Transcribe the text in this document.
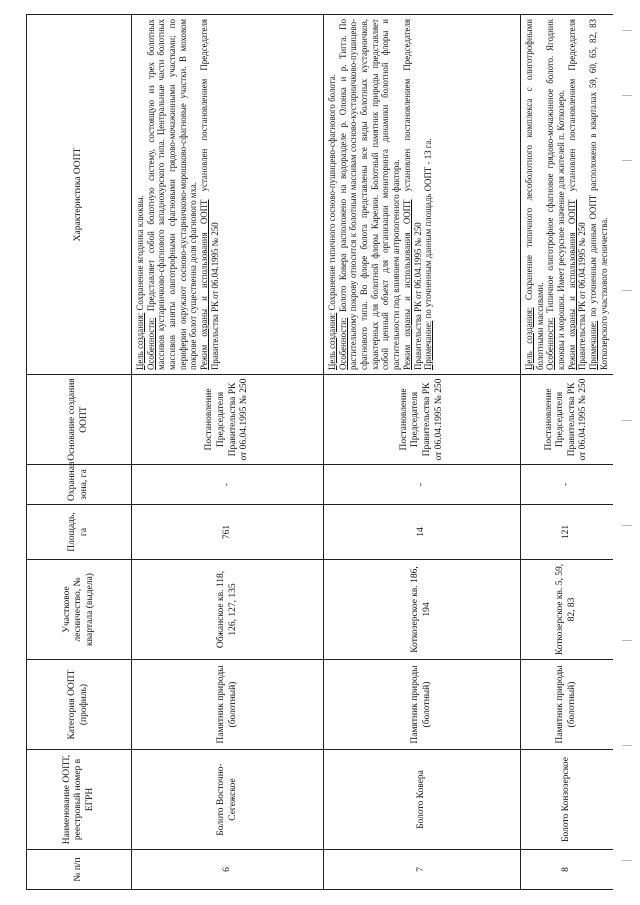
№ п/п	Наименование ООПТ, реестровый номер в ЕГРН	Категория ООПТ (профиль)	Участковое лесничество, № квартала (выдела)	Площадь, га	Охранная зона, га	Основание создания ООПТ	Характеристика ООПТ
6	Болото Восточно-Сегежское	Памятник природы (болотный)	Обжанское кв. 118, 126, 127, 135	761	-	Постановление Председателя Правительства РК от 06.04.1995 № 250	Цель создания: Сохранение ягодника клюквы.

Особенности: Представляет собой болотную систему, состоящую из трех болотных массивов кустарничково-сфагнового западнокурского типа. Центральные части болотных массивов заняты олиготрофными сфагновыми грядово-мочажинными участками; по периферии окружают сосново-кустарничково-морошково-сфагновые участки. В моховом покрове болот существенна доля сфагнового мха. Режим охраны и использования ООПТ установлен постановлением Председателя Правительства РК от 06.04.1995 № 250

7	Болото Ковера	Памятник природы (болотный)	Коткозерское кв. 186, 194	14	-	Постановление Председателя Правительства РК от 06.04.1995 № 250	Цель создания: Сохранение типичного сосново-пушицево-сфагнового болота.

Особенности: Болото Ковера расположено на водоразделе р. Олонка и р. Тигга. По растительному покрову относится к болотным массивам сосново-кустарничково-пушицево-сфагнового типа. Во флоре болота представлены все виды болотных кустарничков, характерных для болотной флоры Карелии. Болотный памятник природы представляет собой ценный объект для организации мониторинга динамики болотной флоры и растительности под влиянием антропогенного фактора. Режим охраны и использования ООПТ установлен постановлением Председателя Правительства РК от 06.04.1995 № 250 Примечание: по уточненным данным площадь ООПТ - 13 га.

8	Болото Конзозерское	Памятник природы (болотный)	Коткозерское кв. 5, 59, 82, 83	121	-	Постановление Председателя Правительства РК от 06.04.1995 № 250	Цель создания: Сохранение типичного лесоболотного комплекса с олиготрофными болотными массивами. Особенности: Типичное олиготрофное сфагновое грядово-мочажинное болото. Ягодник клюквы и морошки. Имеет ресурсное значение для жителей п. Коткозеро. Режим охраны и использования ООПТ установлен постановлением Председателя Правительства РК от 06.04.1995 № 250 Примечание: по уточненным данным ООПТ расположено в кварталах 59, 60, 65, 82, 83 Коткозерского участкового лесничества.
